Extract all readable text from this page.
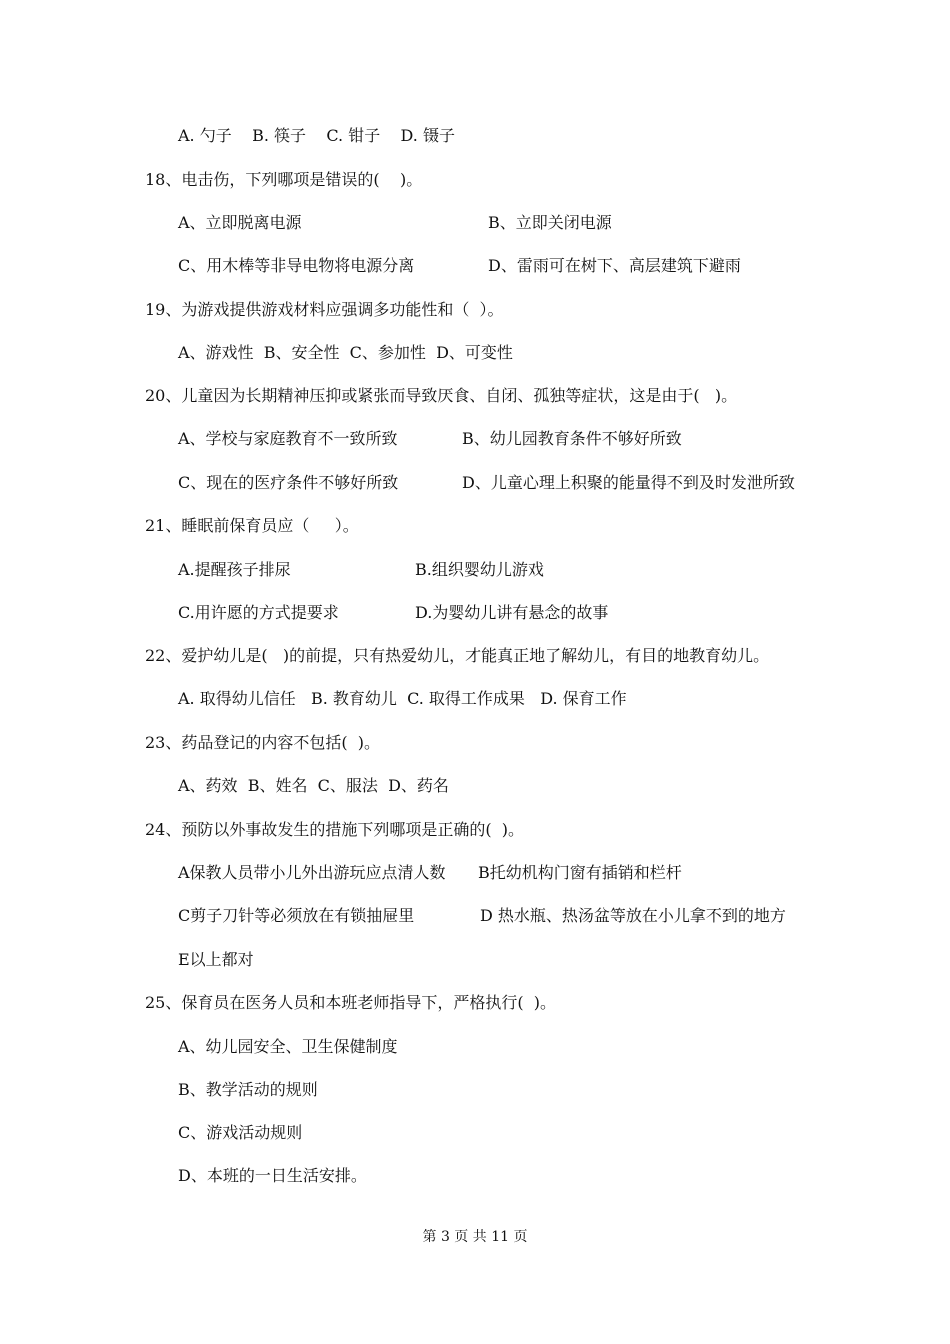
A. 勺子    B. 筷子    C. 钳子    D. 镊子
18、电击伤，下列哪项是错误的(    )。
A、立即脱离电源	B、立即关闭电源
C、用木棒等非导电物将电源分离	D、雷雨可在树下、高层建筑下避雨
19、为游戏提供游戏材料应强调多功能性和（  ）。
A、游戏性  B、安全性  C、参加性  D、可变性
20、儿童因为长期精神压抑或紧张而导致厌食、自闭、孤独等症状，这是由于(   )。
A、学校与家庭教育不一致所致	B、幼儿园教育条件不够好所致
C、现在的医疗条件不够好所致	D、儿童心理上积聚的能量得不到及时发泄所致
21、睡眠前保育员应（     ）。
A.提醒孩子排尿	B.组织婴幼儿游戏
C.用许愿的方式提要求	D.为婴幼儿讲有悬念的故事
22、爱护幼儿是(   )的前提，只有热爱幼儿，才能真正地了解幼儿，有目的地教育幼儿。
A. 取得幼儿信任   B. 教育幼儿  C. 取得工作成果   D. 保育工作
23、药品登记的内容不包括(  )。
A、药效  B、姓名  C、服法  D、药名
24、预防以外事故发生的措施下列哪项是正确的(  )。
A保教人员带小儿外出游玩应点清人数 B托幼机构门窗有插销和栏杆
C剪子刀针等必须放在有锁抽屉里	D 热水瓶、热汤盆等放在小儿拿不到的地方
E以上都对
25、保育员在医务人员和本班老师指导下，严格执行(  )。
A、幼儿园安全、卫生保健制度
B、教学活动的规则
C、游戏活动规则
D、本班的一日生活安排。
第 3 页 共 11 页
